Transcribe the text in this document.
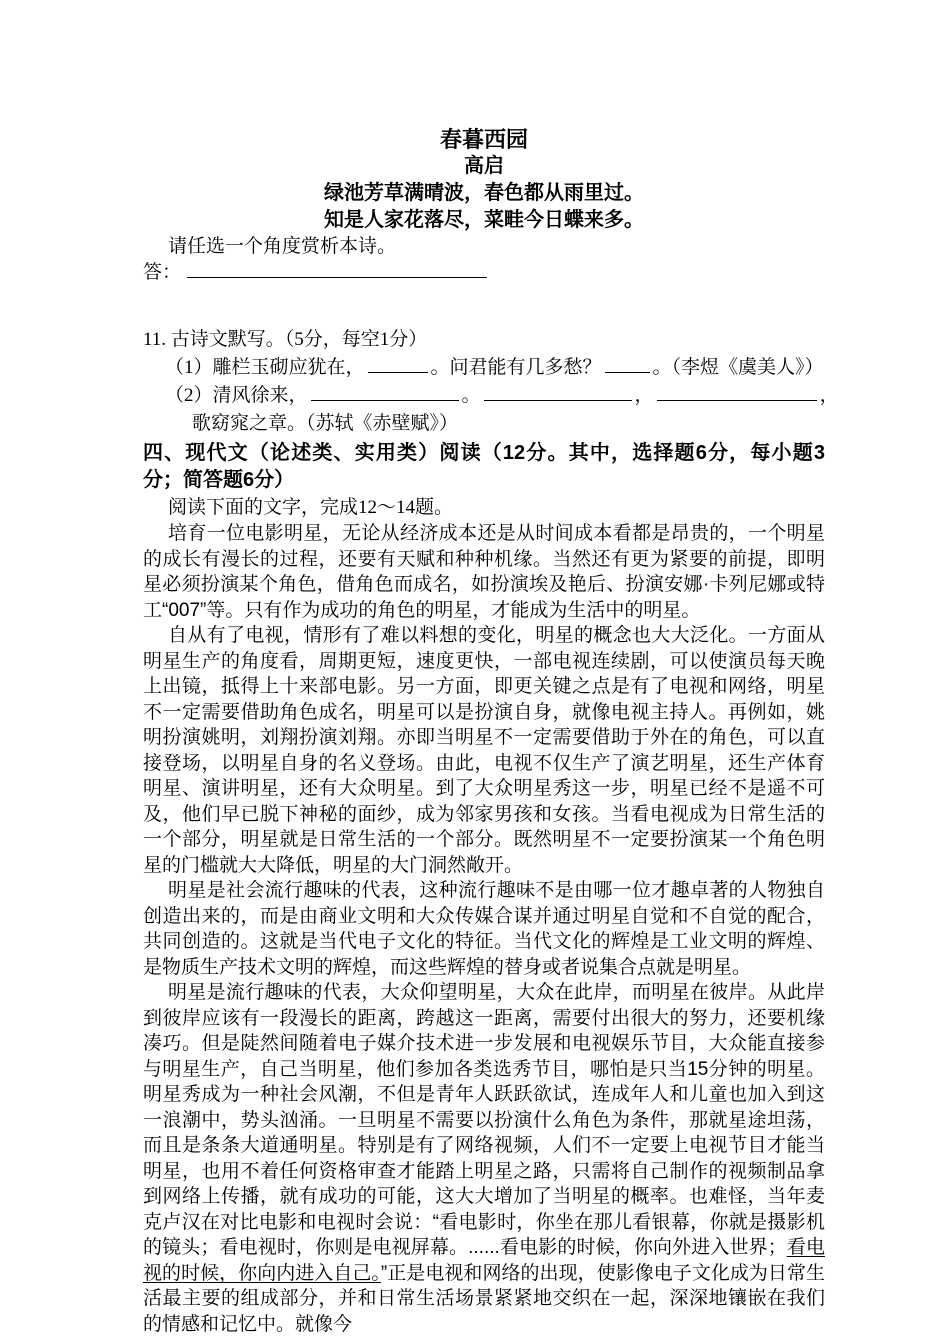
春暮西园
高启
绿池芳草满晴波，春色都从雨里过。
知是人家花落尽，菜畦今日蝶来多。
请任选一个角度赏析本诗。
答：
11. 古诗文默写。（5分，每空1分）
（1）雕栏玉砌应犹在，	。问君能有几多愁？	。（李煜《虞美人》）
（2）清风徐来，	。	，	，
歌窈窕之章。（苏轼《赤壁赋》）
四、现代文（论述类、实用类）阅读（12分。其中，选择题6分，每小题3分；简答题6分）
阅读下面的文字，完成12～14题。
培育一位电影明星，无论从经济成本还是从时间成本看都是昂贵的，一个明星的成长有漫长的过程，还要有天赋和种种机缘。当然还有更为紧要的前提，即明星必须扮演某个角色，借角色而成名，如扮演埃及艳后、扮演安娜·卡列尼娜或特工“007”等。只有作为成功的角色的明星，才能成为生活中的明星。
自从有了电视，情形有了难以料想的变化，明星的概念也大大泛化。一方面从明星生产的角度看，周期更短，速度更快，一部电视连续剧，可以使演员每天晚上出镜，抵得上十来部电影。另一方面，即更关键之点是有了电视和网络，明星不一定需要借助角色成名，明星可以是扮演自身，就像电视主持人。再例如，姚明扮演姚明，刘翔扮演刘翔。亦即当明星不一定需要借助于外在的角色，可以直接登场，以明星自身的名义登场。由此，电视不仅生产了演艺明星，还生产体育明星、演讲明星，还有大众明星。到了大众明星秀这一步，明星已经不是遥不可及，他们早已脱下神秘的面纱，成为邻家男孩和女孩。当看电视成为日常生活的一个部分，明星就是日常生活的一个部分。既然明星不一定要扮演某一个角色明星的门槛就大大降低，明星的大门洞然敞开。
明星是社会流行趣味的代表，这种流行趣味不是由哪一位才趣卓著的人物独自创造出来的，而是由商业文明和大众传媒合谋并通过明星自觉和不自觉的配合，共同创造的。这就是当代电子文化的特征。当代文化的辉煌是工业文明的辉煌、是物质生产技术文明的辉煌，而这些辉煌的替身或者说集合点就是明星。
明星是流行趣味的代表，大众仰望明星，大众在此岸，而明星在彼岸。从此岸到彼岸应该有一段漫长的距离，跨越这一距离，需要付出很大的努力，还要机缘凑巧。但是陡然间随着电子媒介技术进一步发展和电视娱乐节目，大众能直接参与明星生产，自己当明星，他们参加各类选秀节目，哪怕是只当15分钟的明星。明星秀成为一种社会风潮，不但是青年人跃跃欲试，连成年人和儿童也加入到这一浪潮中，势头汹涌。一旦明星不需要以扮演什么角色为条件，那就星途坦荡，而且是条条大道通明星。特别是有了网络视频，人们不一定要上电视节目才能当明星，也用不着任何资格审查才能踏上明星之路，只需将自己制作的视频制品拿到网络上传播，就有成功的可能，这大大增加了当明星的概率。也难怪，当年麦克卢汉在对比电影和电视时会说：“看电影时，你坐在那儿看银幕，你就是摄影机的镜头；看电视时，你则是电视屏幕。......看电影的时候，你向外进入世界；看电视的时候，你向内进入自己。”正是电视和网络的出现，使影像电子文化成为日常生活最主要的组成部分，并和日常生活场景紧紧地交织在一起，深深地镶嵌在我们的情感和记忆中。就像今
